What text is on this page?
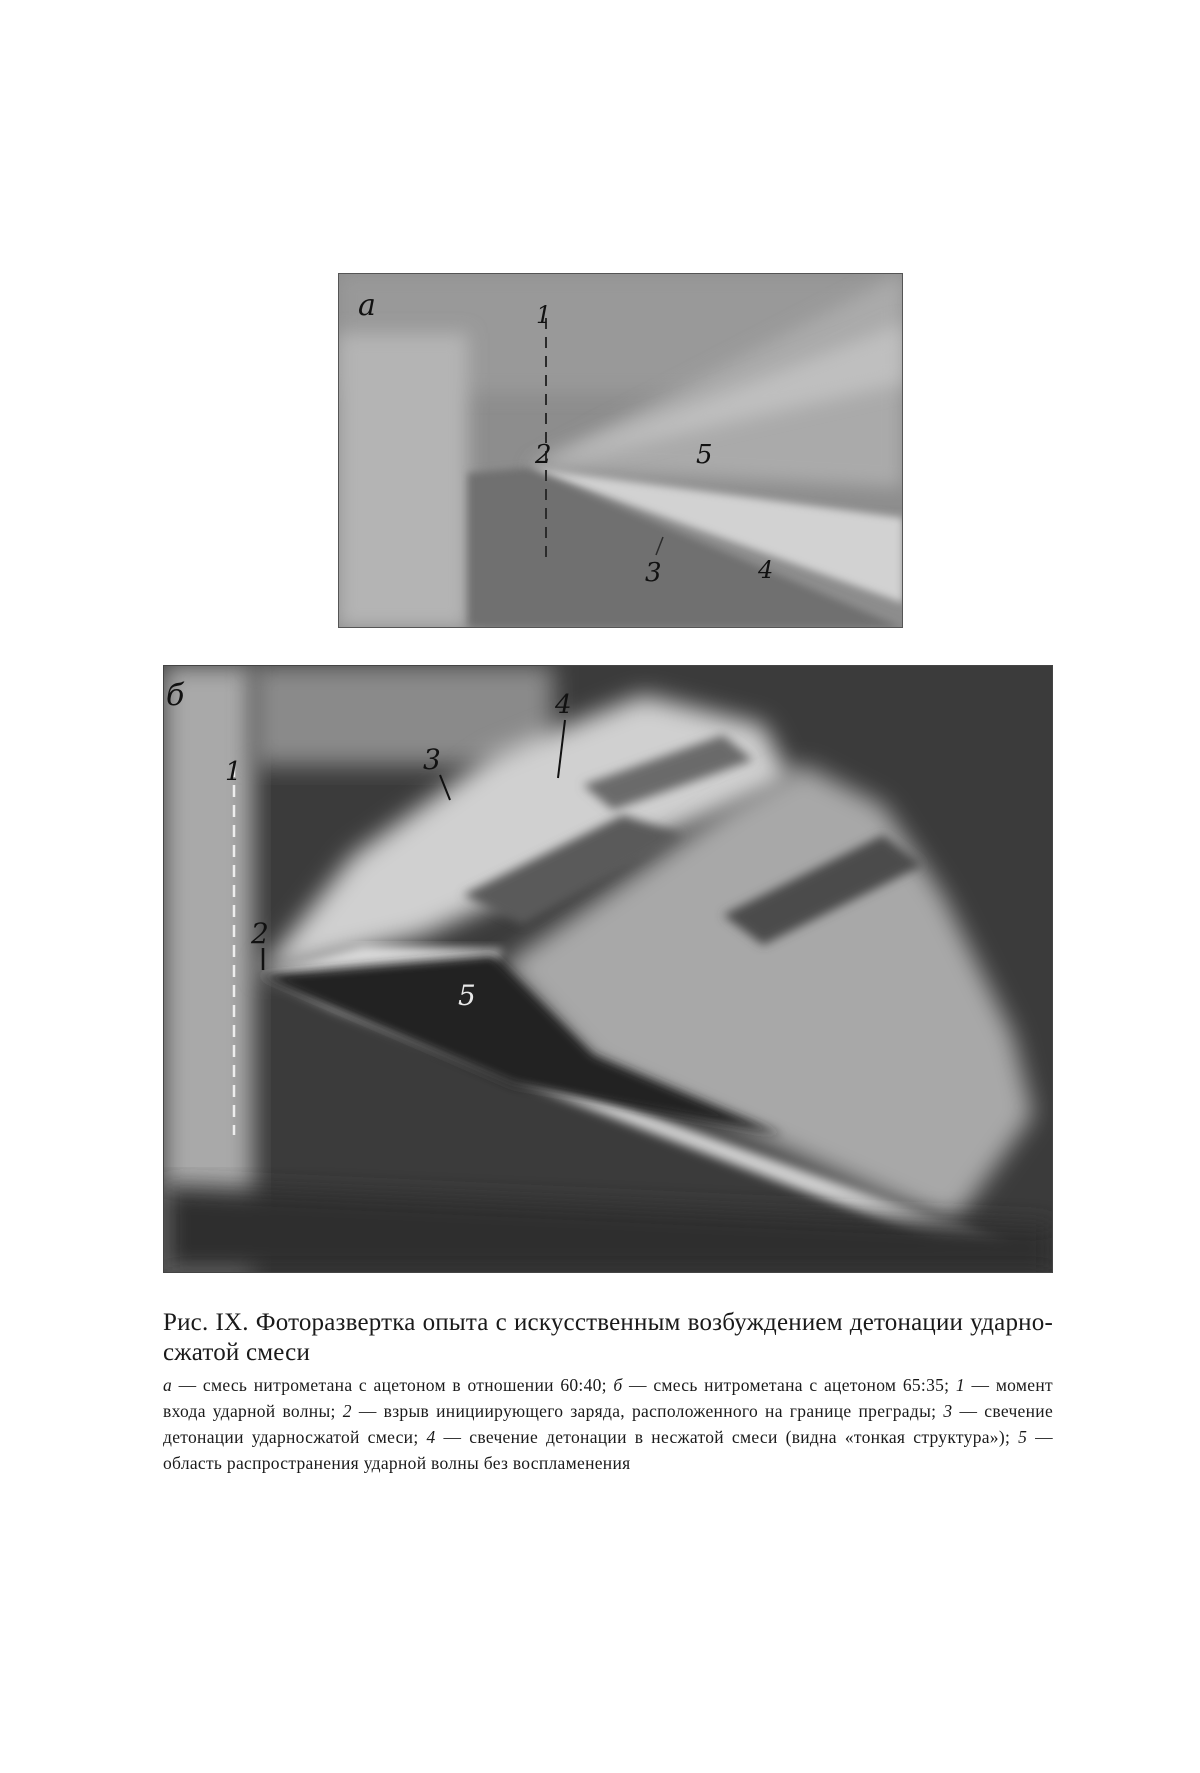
а	1
2
3	4
5
б
1
2
3
4
5
Рис. IX. Фоторазвертка опыта с искусственным возбуждением детонации ударно-сжатой смеси
а — смесь нитрометана с ацетоном в отношении 60:40; б — смесь нитрометана с ацетоном 65:35; 1 — момент входа ударной волны; 2 — взрыв инициирующего заряда, расположенного на границе преграды; 3 — свечение детонации ударносжатой смеси; 4 — свечение детонации в несжатой смеси (видна «тонкая структура»); 5 — область распространения ударной волны без воспламенения
